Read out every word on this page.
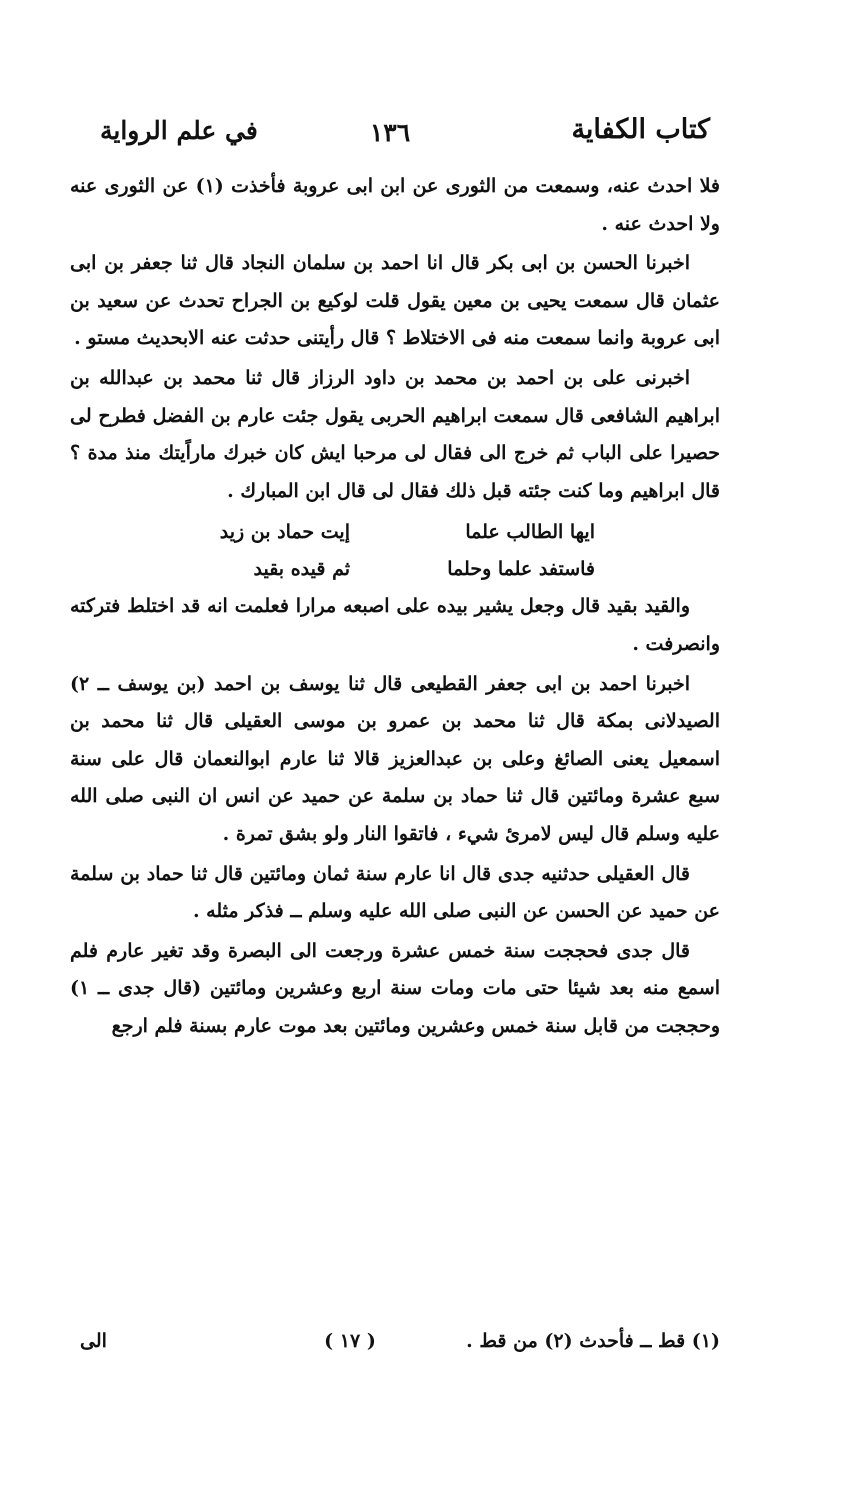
كتاب الكفاية
١٣٦
في علم الرواية

فلا احدث عنه، وسمعت من الثورى عن ابن ابى عروبة فأخذت (١) عن الثورى عنه ولا احدث عنه .

اخبرنا الحسن بن ابى بكر قال انا احمد بن سلمان النجاد قال ثنا جعفر بن ابى عثمان قال سمعت يحيى بن معين يقول قلت لوكيع بن الجراح تحدث عن سعيد بن ابى عروبة وانما سمعت منه فى الاختلاط ؟ قال رأيتنى حدثت عنه الابحديث مستو .

اخبرنى على بن احمد بن محمد بن داود الرزاز قال ثنا محمد بن عبدالله بن ابراهيم الشافعى قال سمعت ابراهيم الحربى يقول جئت عارم بن الفضل فطرح لى حصيرا على الباب ثم خرج الى فقال لى مرحبا ايش كان خبرك ماراًيتك منذ مدة ؟ قال ابراهيم وما كنت جئته قبل ذلك فقال لى قال ابن المبارك .

ايها الطالب علما
إيت حماد بن زيد
فاستفد علما وحلما
ثم قيده بقيد

والقيد بقيد قال وجعل يشير بيده على اصبعه مرارا فعلمت انه قد اختلط فتركته وانصرفت .

اخبرنا احمد بن ابى جعفر القطيعى قال ثنا يوسف بن احمد (بن يوسف ــ ٢) الصيدلانى بمكة قال ثنا محمد بن عمرو بن موسى العقيلى قال ثنا محمد بن اسمعيل يعنى الصائغ وعلى بن عبدالعزيز قالا ثنا عارم ابوالنعمان قال على سنة سبع عشرة ومائتين قال ثنا حماد بن سلمة عن حميد عن انس ان النبى صلى الله عليه وسلم قال ليس لامرئ شيء ، فاتقوا النار ولو بشق تمرة .

قال العقيلى حدثنيه جدى قال انا عارم سنة ثمان ومائتين قال ثنا حماد بن سلمة عن حميد عن الحسن عن النبى صلى الله عليه وسلم ــ فذكر مثله .

قال جدى فحججت سنة خمس عشرة ورجعت الى البصرة وقد تغير عارم فلم اسمع منه بعد شيئا حتى مات ومات سنة اربع وعشرين ومائتين (قال جدى ــ ١) وحججت من قابل سنة خمس وعشرين ومائتين بعد موت عارم بسنة فلم ارجع

(١) قط ــ فأحدث (٢) من قط .
( ١٧ )
الى
